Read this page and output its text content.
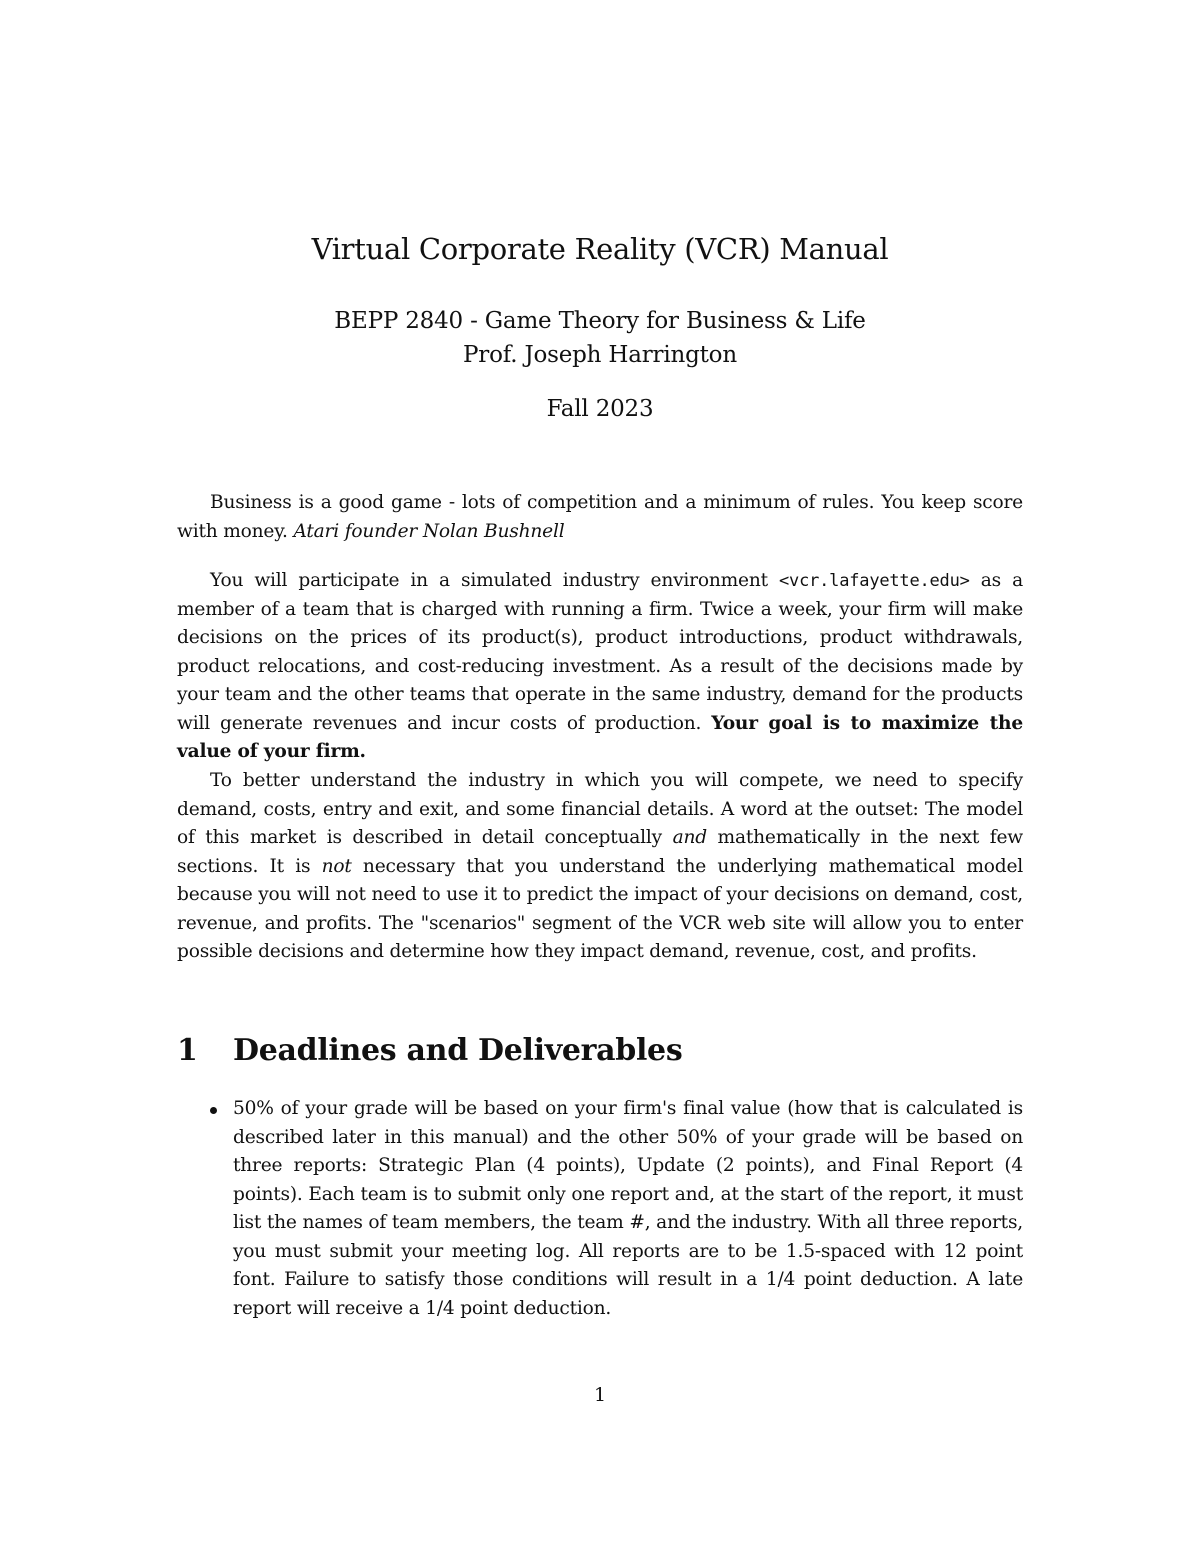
Virtual Corporate Reality (VCR) Manual
BEPP 2840 - Game Theory for Business & Life
Prof. Joseph Harrington
Fall 2023

Business is a good game - lots of competition and a minimum of rules. You keep score with money. Atari founder Nolan Bushnell

You will participate in a simulated industry environment <vcr.lafayette.edu> as a member of a team that is charged with running a firm. Twice a week, your firm will make decisions on the prices of its product(s), product introductions, product withdrawals, product relocations, and cost-reducing investment. As a result of the decisions made by your team and the other teams that operate in the same industry, demand for the products will generate revenues and incur costs of production. Your goal is to maximize the value of your firm.

To better understand the industry in which you will compete, we need to specify demand, costs, entry and exit, and some financial details. A word at the outset: The model of this market is described in detail conceptually and mathematically in the next few sections. It is not necessary that you understand the underlying mathematical model because you will not need to use it to predict the impact of your decisions on demand, cost, revenue, and profits. The "scenarios" segment of the VCR web site will allow you to enter possible decisions and determine how they impact demand, revenue, cost, and profits.

1 Deadlines and Deliverables
50% of your grade will be based on your firm's final value (how that is calculated is described later in this manual) and the other 50% of your grade will be based on three reports: Strategic Plan (4 points), Update (2 points), and Final Report (4 points). Each team is to submit only one report and, at the start of the report, it must list the names of team members, the team #, and the industry. With all three reports, you must submit your meeting log. All reports are to be 1.5-spaced with 12 point font. Failure to satisfy those conditions will result in a 1/4 point deduction. A late report will receive a 1/4 point deduction.
1
